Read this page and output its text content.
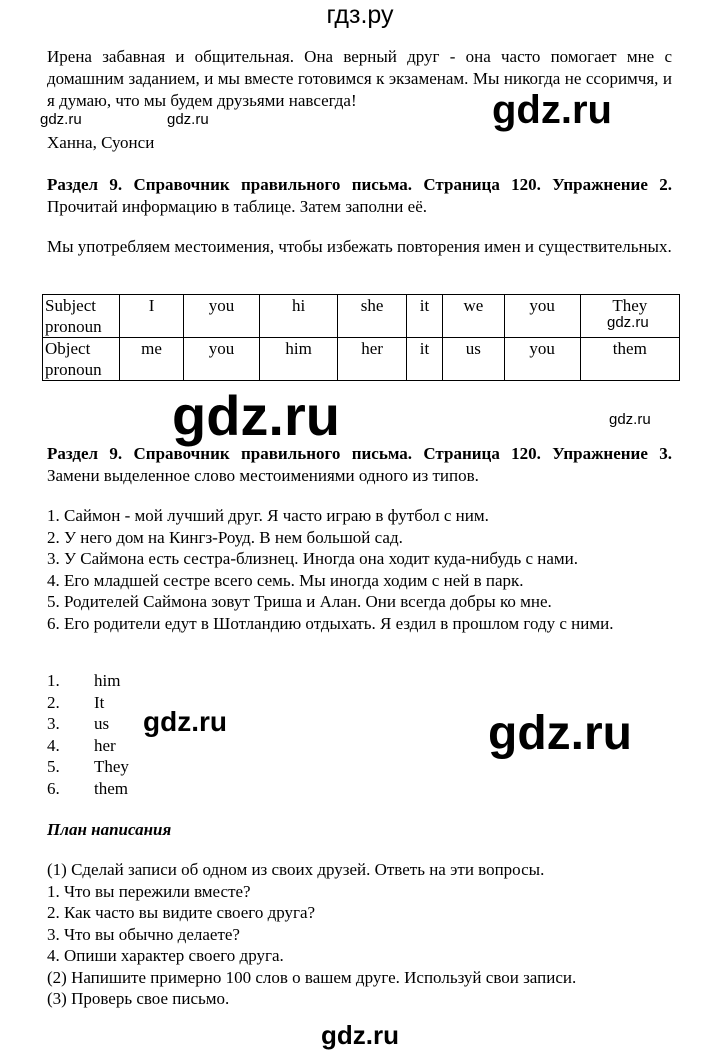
гдз.ру
Ирена забавная и общительная. Она верный друг - она часто помогает мне с домашним заданием, и мы вместе готовимся к экзаменам. Мы никогда не ссоримчя, и я думаю, что мы будем друзьями навсегда!
Ханна, Суонси
Раздел 9. Справочник правильного письма. Страница 120. Упражнение 2. Прочитай информацию в таблице. Затем заполни её.
Мы употребляем местоимения, чтобы избежать повторения имен и существительных.
Subject pronoun	I	you	hi	she	it	we	you	They
Object pronoun	me	you	him	her	it	us	you	them
Раздел 9. Справочник правильного письма. Страница 120. Упражнение 3. Замени выделенное слово местоимениями одного из типов.
1. Саймон - мой лучший друг. Я часто играю в футбол с ним.
2. У него дом на Кингз-Роуд. В нем большой сад.
3. У Саймона есть сестра-близнец. Иногда она ходит куда-нибудь с нами.
4. Его младшей сестре всего семь. Мы иногда ходим с ней в парк.
5. Родителей Саймона зовут Триша и Алан. Они всегда добры ко мне.
6. Его родители едут в Шотландию отдыхать. Я ездил в прошлом году с ними.
1.	him
2.	It
3.	us
4.	her
5.	They
6.	them
План написания
(1) Сделай записи об одном из своих друзей. Ответь на эти вопросы.
1. Что вы пережили вместе?
2. Как часто вы видите своего друга?
3. Что вы обычно делаете?
4. Опиши характер своего друга.
(2) Напишите примерно 100 слов о вашем друге. Используй свои записи.
(3) Проверь свое письмо.
gdz.ru
gdz.ru	gdz.ru
gdz.ru
gdz.ru	gdz.ru
gdz.ru	gdz.ru
gdz.ru
